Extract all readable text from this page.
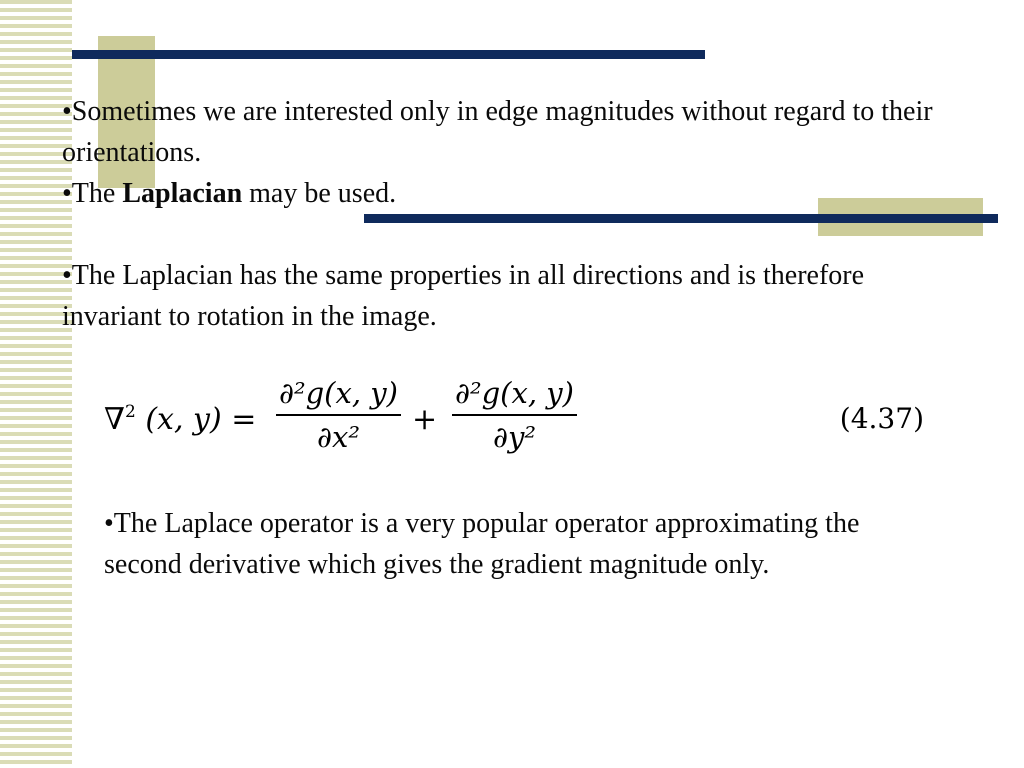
•Sometimes we are interested only in edge magnitudes without regard to their orientations.

•The Laplacian may be used.

•The Laplacian has the same properties in all directions and is therefore invariant to rotation in the image.

∇$^2$ (x, y) =
∂²g(x, y)
∂x²	+
∂²g(x, y)
∂y²
(4.37)

•The Laplace operator is a very popular operator approximating the second derivative which gives the gradient magnitude only.
